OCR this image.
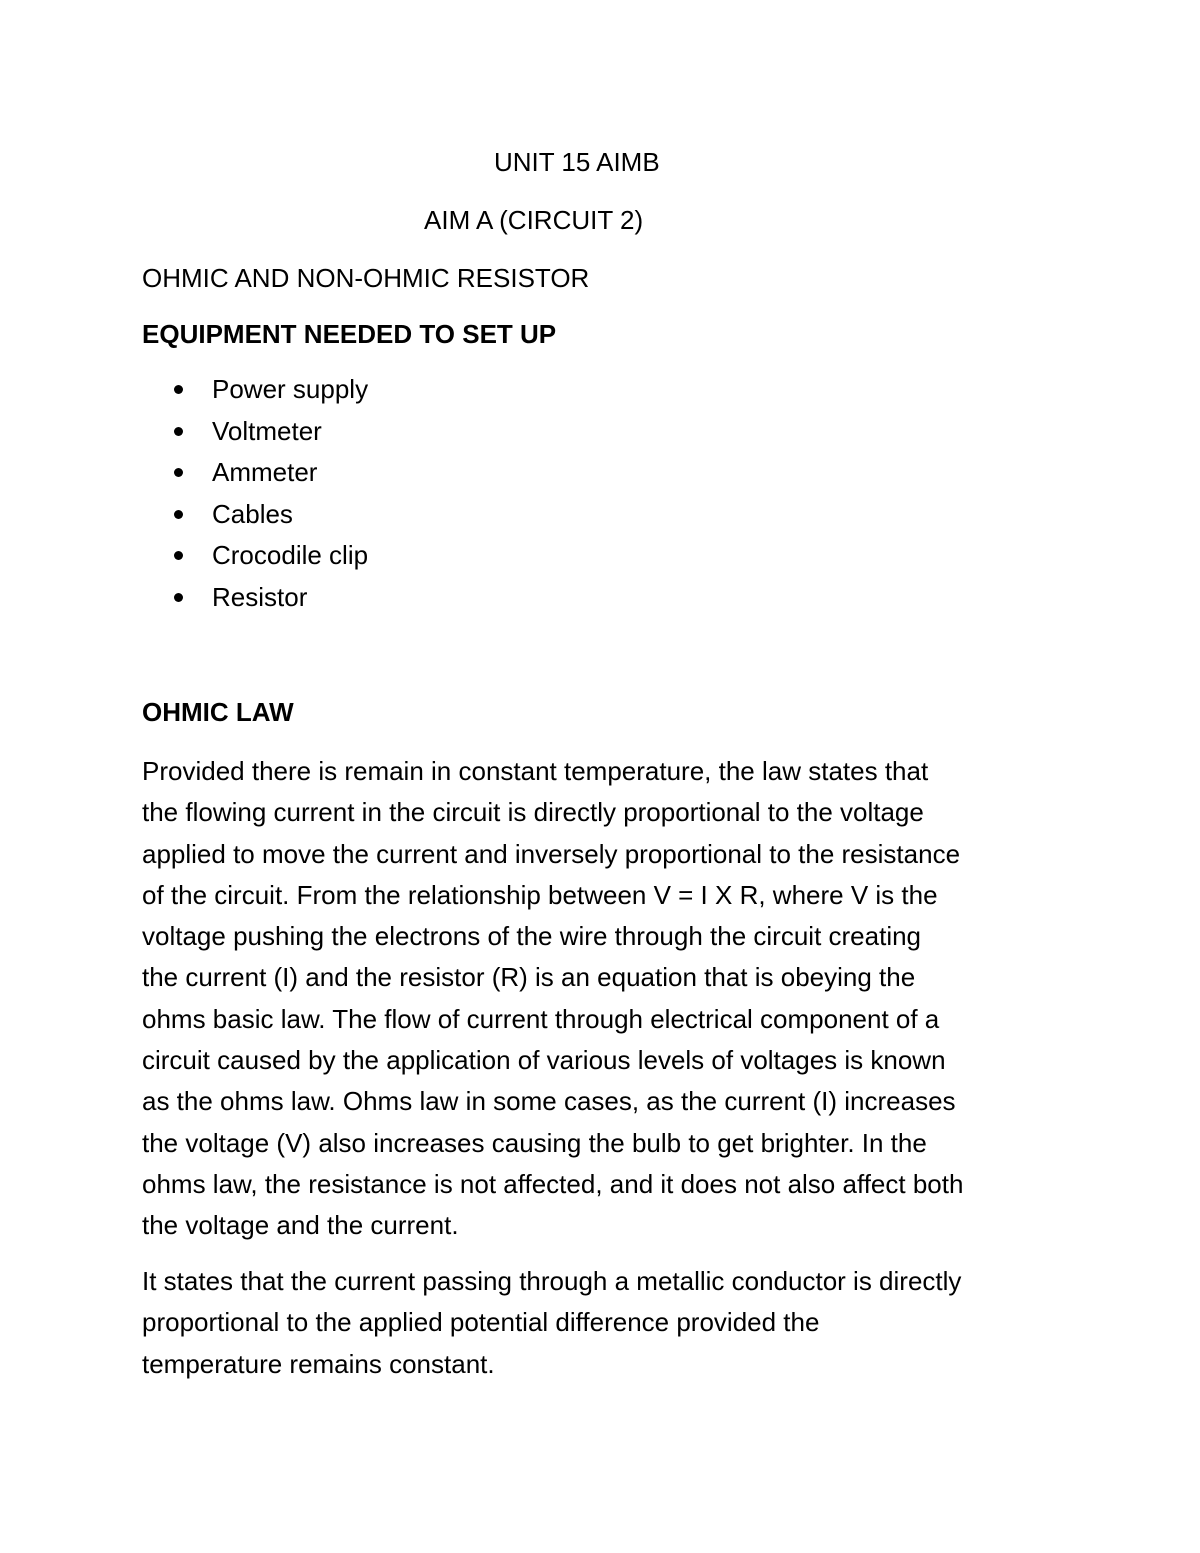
UNIT 15 AIMB

AIM A (CIRCUIT 2)

OHMIC AND NON-OHMIC RESISTOR

EQUIPMENT NEEDED TO SET UP

Power supply
Voltmeter
Ammeter
Cables
Crocodile clip
Resistor

OHMIC LAW

Provided there is remain in constant temperature, the law states that
the flowing current in the circuit is directly proportional to the voltage
applied to move the current and inversely proportional to the resistance
of the circuit. From the relationship between V = I X R, where V is the
voltage pushing the electrons of the wire through the circuit creating
the current (I) and the resistor (R) is an equation that is obeying the
ohms basic law. The flow of current through electrical component of a
circuit caused by the application of various levels of voltages is known
as the ohms law. Ohms law in some cases, as the current (I) increases
the voltage (V) also increases causing the bulb to get brighter. In the
ohms law, the resistance is not affected, and it does not also affect both
the voltage and the current.
It states that the current passing through a metallic conductor is directly
proportional to the applied potential difference provided the
temperature remains constant.
